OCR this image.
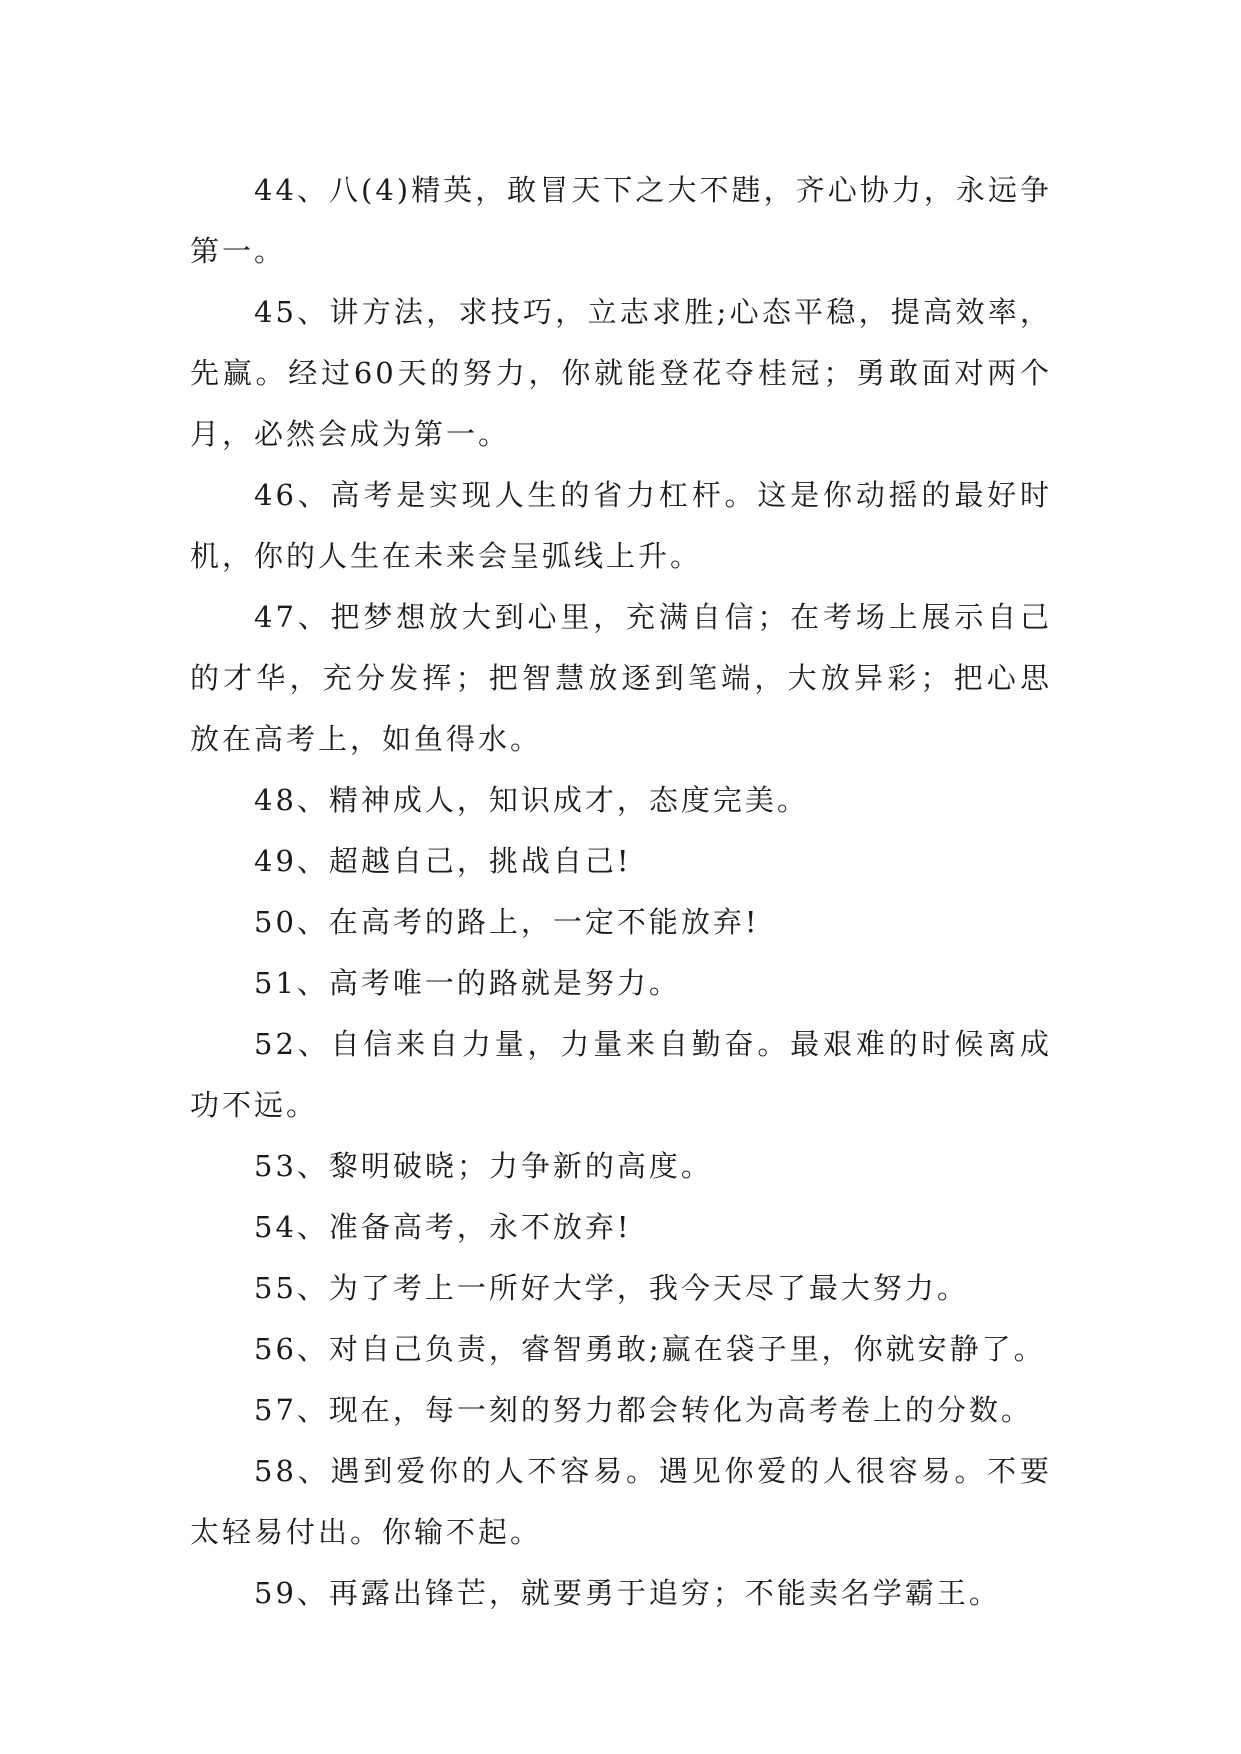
44、八(4)精英，敢冒天下之大不韪，齐心协力，永远争第一。

45、讲方法，求技巧，立志求胜;心态平稳，提高效率，先赢。经过60天的努力，你就能登花夺桂冠；勇敢面对两个月，必然会成为第一。

46、高考是实现人生的省力杠杆。这是你动摇的最好时机，你的人生在未来会呈弧线上升。

47、把梦想放大到心里，充满自信；在考场上展示自己的才华，充分发挥；把智慧放逐到笔端，大放异彩；把心思放在高考上，如鱼得水。

48、精神成人，知识成才，态度完美。

49、超越自己，挑战自己!

50、在高考的路上，一定不能放弃!

51、高考唯一的路就是努力。

52、自信来自力量，力量来自勤奋。最艰难的时候离成功不远。

53、黎明破晓；力争新的高度。

54、准备高考，永不放弃!

55、为了考上一所好大学，我今天尽了最大努力。

56、对自己负责，睿智勇敢;赢在袋子里，你就安静了。

57、现在，每一刻的努力都会转化为高考卷上的分数。

58、遇到爱你的人不容易。遇见你爱的人很容易。不要太轻易付出。你输不起。

59、再露出锋芒，就要勇于追穷；不能卖名学霸王。
